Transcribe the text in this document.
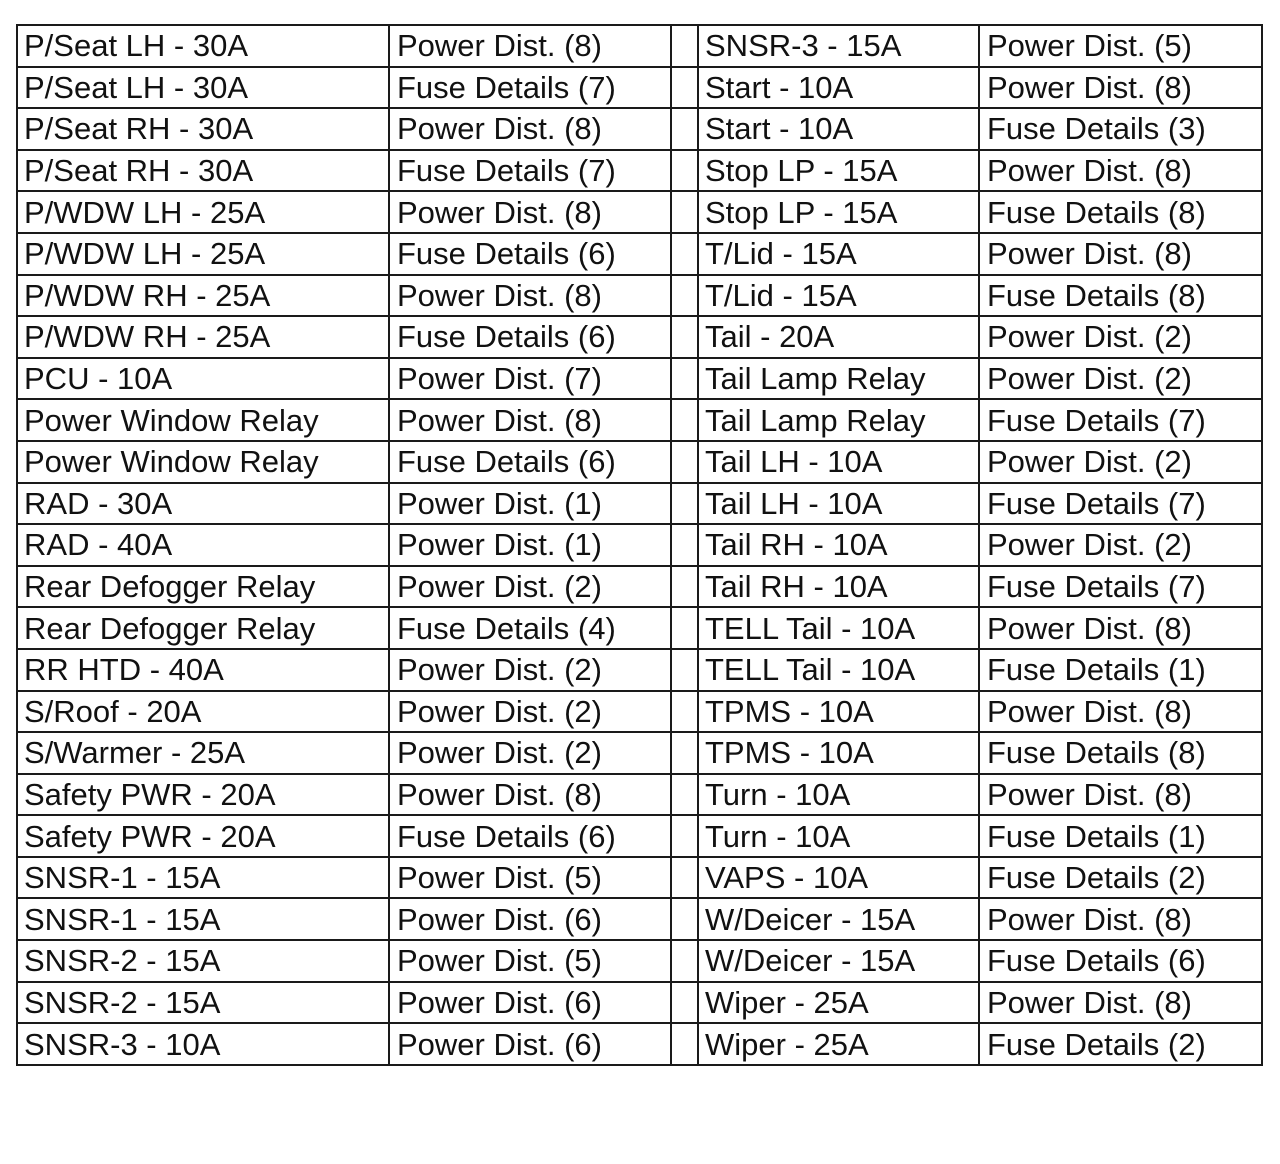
P/Seat LH - 30A	Power Dist. (8)		SNSR-3 - 15A	Power Dist. (5)
P/Seat LH - 30A	Fuse Details (7)		Start - 10A	Power Dist. (8)
P/Seat RH - 30A	Power Dist. (8)		Start - 10A	Fuse Details (3)
P/Seat RH - 30A	Fuse Details (7)		Stop LP - 15A	Power Dist. (8)
P/WDW LH - 25A	Power Dist. (8)		Stop LP - 15A	Fuse Details (8)
P/WDW LH - 25A	Fuse Details (6)		T/Lid - 15A	Power Dist. (8)
P/WDW RH - 25A	Power Dist. (8)		T/Lid - 15A	Fuse Details (8)
P/WDW RH - 25A	Fuse Details (6)		Tail - 20A	Power Dist. (2)
PCU - 10A	Power Dist. (7)		Tail Lamp Relay	Power Dist. (2)
Power Window Relay	Power Dist. (8)		Tail Lamp Relay	Fuse Details (7)
Power Window Relay	Fuse Details (6)		Tail LH - 10A	Power Dist. (2)
RAD - 30A	Power Dist. (1)		Tail LH - 10A	Fuse Details (7)
RAD - 40A	Power Dist. (1)		Tail RH - 10A	Power Dist. (2)
Rear Defogger Relay	Power Dist. (2)		Tail RH - 10A	Fuse Details (7)
Rear Defogger Relay	Fuse Details (4)		TELL Tail - 10A	Power Dist. (8)
RR HTD - 40A	Power Dist. (2)		TELL Tail - 10A	Fuse Details (1)
S/Roof - 20A	Power Dist. (2)		TPMS - 10A	Power Dist. (8)
S/Warmer - 25A	Power Dist. (2)		TPMS - 10A	Fuse Details (8)
Safety PWR - 20A	Power Dist. (8)		Turn - 10A	Power Dist. (8)
Safety PWR - 20A	Fuse Details (6)		Turn - 10A	Fuse Details (1)
SNSR-1 - 15A	Power Dist. (5)		VAPS - 10A	Fuse Details (2)
SNSR-1 - 15A	Power Dist. (6)		W/Deicer - 15A	Power Dist. (8)
SNSR-2 - 15A	Power Dist. (5)		W/Deicer - 15A	Fuse Details (6)
SNSR-2 - 15A	Power Dist. (6)		Wiper - 25A	Power Dist. (8)
SNSR-3 - 10A	Power Dist. (6)		Wiper - 25A	Fuse Details (2)
